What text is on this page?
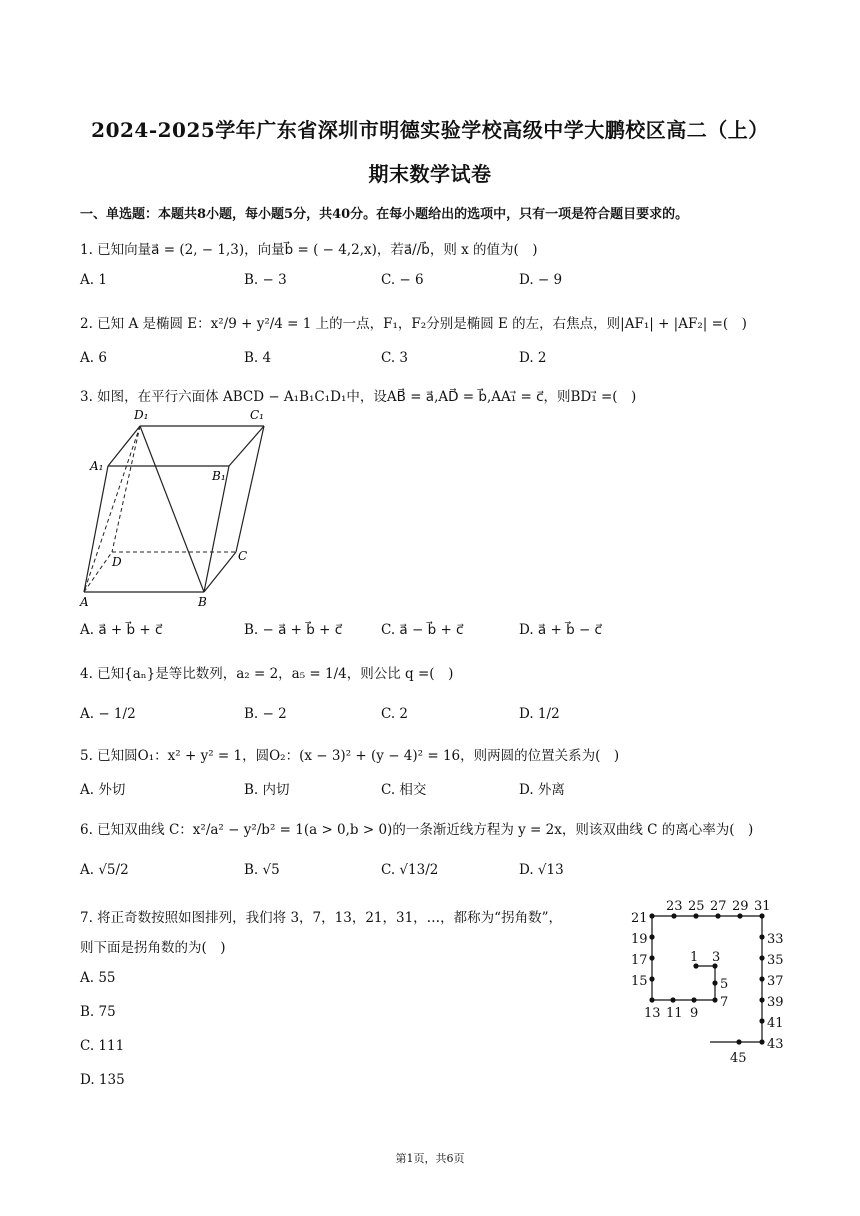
2024-2025学年广东省深圳市明德实验学校高级中学大鹏校区高二（上）
期末数学试卷
一、单选题：本题共8小题，每小题5分，共40分。在每小题给出的选项中，只有一项是符合题目要求的。
1. 已知向量a⃗ = (2, − 1,3)，向量b⃗ = ( − 4,2,x)，若a⃗//b⃗，则 x 的值为(　)
A. 1	B. − 3	C. − 6	D. − 9
2. 已知 A 是椭圆 E：x²/9 + y²/4 = 1 上的一点，F₁，F₂分别是椭圆 E 的左，右焦点，则|AF₁| + |AF₂| =(　)
A. 6	B. 4	C. 3	D. 2
3. 如图，在平行六面体 ABCD − A₁B₁C₁D₁中，设AB⃗ = a⃗,AD⃗ = b⃗,AA₁⃗ = c⃗，则BD₁⃗ =(　)
D₁	C₁
A₁
B₁
D	C
A	B
A. a⃗ + b⃗ + c⃗	B. − a⃗ + b⃗ + c⃗	C. a⃗ − b⃗ + c⃗	D. a⃗ + b⃗ − c⃗
4. 已知{aₙ}是等比数列，a₂ = 2，a₅ = 1/4，则公比 q =(　)
A. − 1/2	B. − 2	C. 2	D. 1/2
5. 已知圆O₁：x² + y² = 1，圆O₂：(x − 3)² + (y − 4)² = 16，则两圆的位置关系为(　)
A. 外切	B. 内切	C. 相交	D. 外离
6. 已知双曲线 C：x²/a² − y²/b² = 1(a > 0,b > 0)的一条渐近线方程为 y = 2x，则该双曲线 C 的离心率为(　)
A. √5/2	B. √5	C. √13/2	D. √13
7. 将正奇数按照如图排列，我们将 3，7，13，21，31，…，都称为“拐角数”，
则下面是拐角数的为(　)
A. 55
B. 75
C. 111
D. 135
1 3
5
7
9
11
13
15
17
19
21
23 25 27 29 31
33
35
37
39
41
43
45
第1页，共6页
